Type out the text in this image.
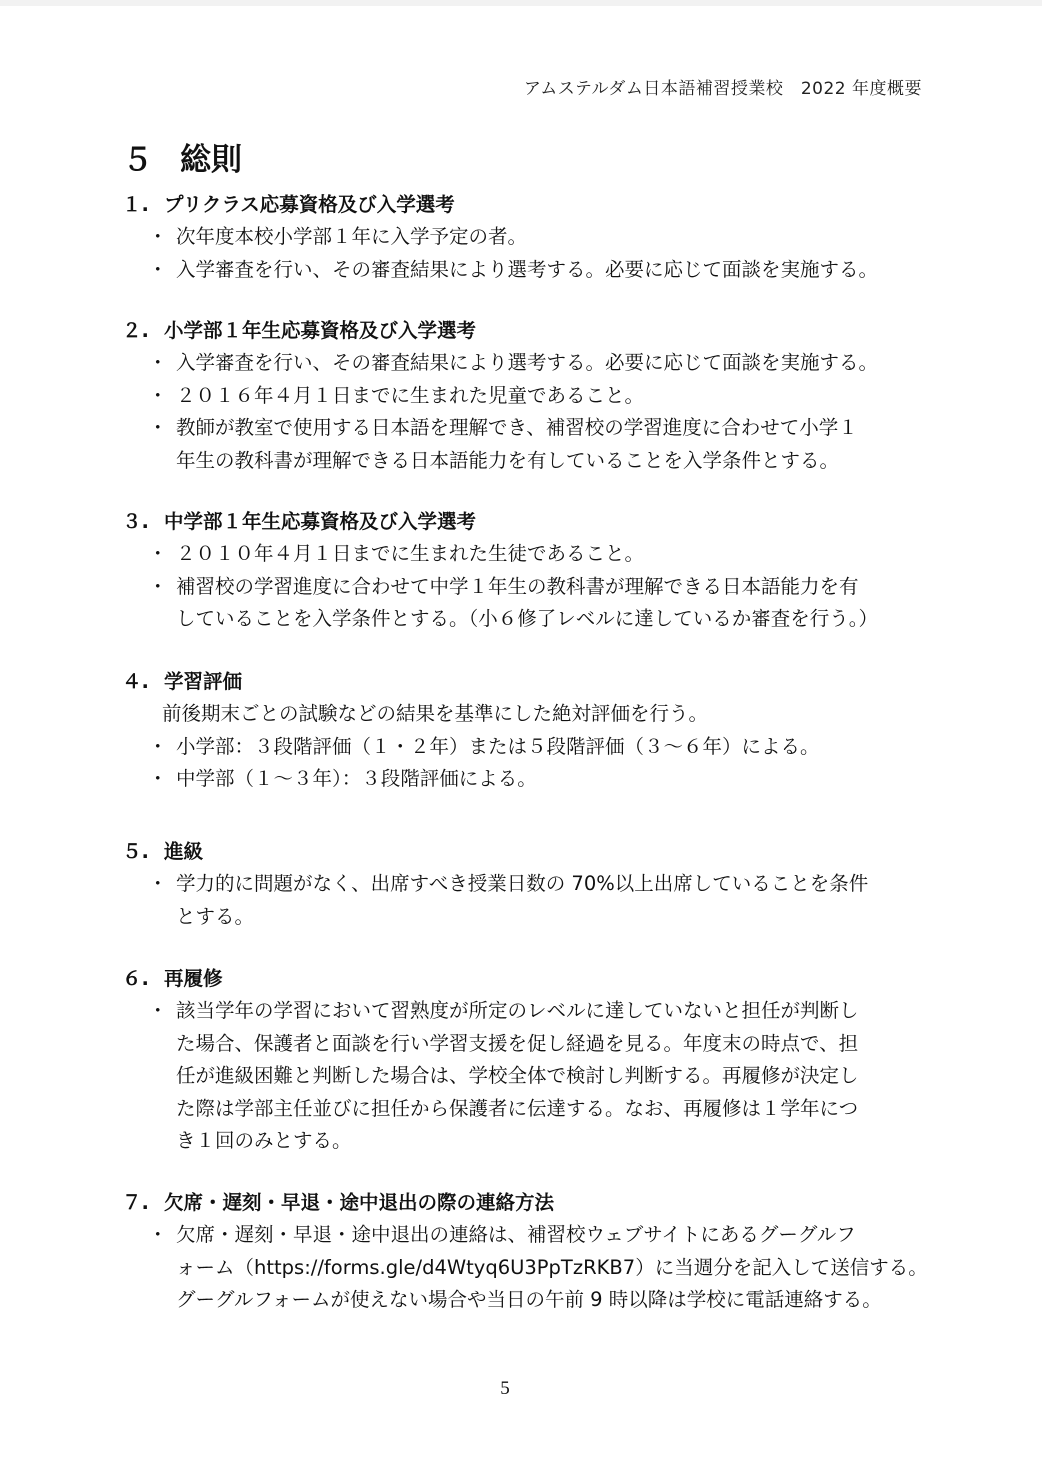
アムステルダム日本語補習授業校　2022 年度概要
５ 総則
１. プリクラス応募資格及び入学選考
・ 次年度本校小学部１年に入学予定の者。
・ 入学審査を行い、その審査結果により選考する。必要に応じて面談を実施する。
２. 小学部１年生応募資格及び入学選考
・ 入学審査を行い、その審査結果により選考する。必要に応じて面談を実施する。
・ ２０１６年４月１日までに生まれた児童であること。
・ 教師が教室で使用する日本語を理解でき、補習校の学習進度に合わせて小学１
年生の教科書が理解できる日本語能力を有していることを入学条件とする。
３. 中学部１年生応募資格及び入学選考
・ ２０１０年４月１日までに生まれた生徒であること。
・ 補習校の学習進度に合わせて中学１年生の教科書が理解できる日本語能力を有
していることを入学条件とする。（小６修了レベルに達しているか審査を行う。）
４. 学習評価
前後期末ごとの試験などの結果を基準にした絶対評価を行う。
・ 小学部：３段階評価（１・２年）または５段階評価（３～６年）による。
・ 中学部（１～３年）：３段階評価による。
５. 進級
・ 学力的に問題がなく、出席すべき授業日数の 70%以上出席していることを条件
とする。
６. 再履修
・ 該当学年の学習において習熟度が所定のレベルに達していないと担任が判断し
た場合、保護者と面談を行い学習支援を促し経過を見る。年度末の時点で、担
任が進級困難と判断した場合は、学校全体で検討し判断する。再履修が決定し
た際は学部主任並びに担任から保護者に伝達する。なお、再履修は１学年につ
き１回のみとする。
７. 欠席・遅刻・早退・途中退出の際の連絡方法
・ 欠席・遅刻・早退・途中退出の連絡は、補習校ウェブサイトにあるグーグルフ
ォーム（https://forms.gle/d4Wtyq6U3PpTzRKB7）に当週分を記入して送信する。
グーグルフォームが使えない場合や当日の午前 9 時以降は学校に電話連絡する。
5
